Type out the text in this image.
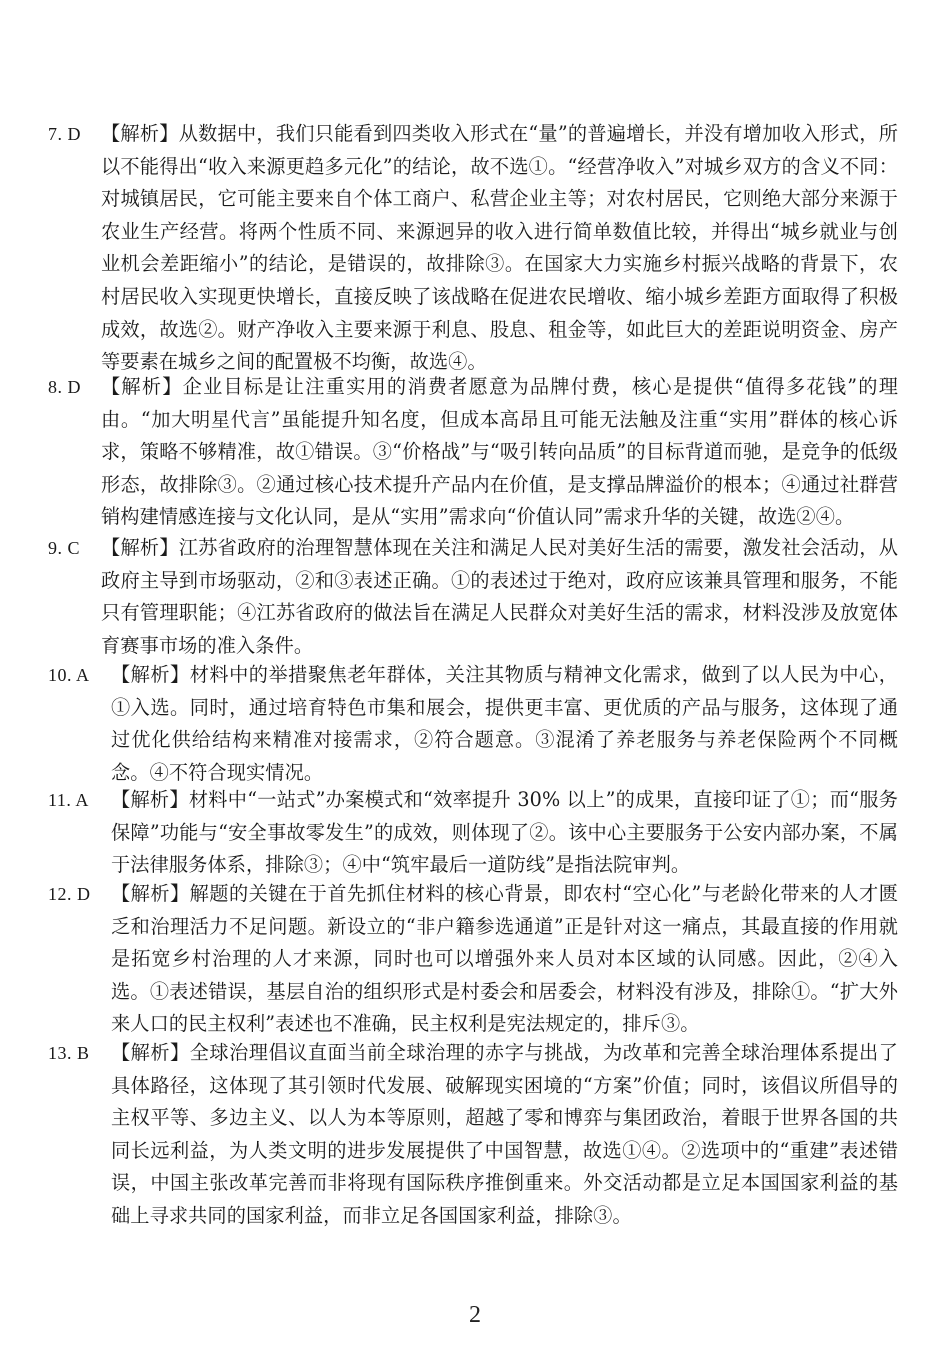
7. D 【解析】从数据中，我们只能看到四类收入形式在“量”的普遍增长，并没有增加收入形式，所以不能得出“收入来源更趋多元化”的结论，故不选①。“经营净收入”对城乡双方的含义不同：对城镇居民，它可能主要来自个体工商户、私营企业主等；对农村居民，它则绝大部分来源于农业生产经营。将两个性质不同、来源迥异的收入进行简单数值比较，并得出“城乡就业与创业机会差距缩小”的结论，是错误的，故排除③。在国家大力实施乡村振兴战略的背景下，农村居民收入实现更快增长，直接反映了该战略在促进农民增收、缩小城乡差距方面取得了积极成效，故选②。财产净收入主要来源于利息、股息、租金等，如此巨大的差距说明资金、房产等要素在城乡之间的配置极不均衡，故选④。
8. D 【解析】企业目标是让注重实用的消费者愿意为品牌付费，核心是提供“值得多花钱”的理由。“加大明星代言”虽能提升知名度，但成本高昂且可能无法触及注重“实用”群体的核心诉求，策略不够精准，故①错误。③“价格战”与“吸引转向品质”的目标背道而驰，是竞争的低级形态，故排除③。②通过核心技术提升产品内在价值，是支撑品牌溢价的根本；④通过社群营销构建情感连接与文化认同，是从“实用”需求向“价值认同”需求升华的关键，故选②④。
9. C 【解析】江苏省政府的治理智慧体现在关注和满足人民对美好生活的需要，激发社会活动，从政府主导到市场驱动，②和③表述正确。①的表述过于绝对，政府应该兼具管理和服务，不能只有管理职能；④江苏省政府的做法旨在满足人民群众对美好生活的需求，材料没涉及放宽体育赛事市场的准入条件。
10. A 【解析】材料中的举措聚焦老年群体，关注其物质与精神文化需求，做到了以人民为中心，①入选。同时，通过培育特色市集和展会，提供更丰富、更优质的产品与服务，这体现了通过优化供给结构来精准对接需求，②符合题意。③混淆了养老服务与养老保险两个不同概念。④不符合现实情况。
11. A 【解析】材料中“一站式”办案模式和“效率提升 30% 以上”的成果，直接印证了①；而“服务保障”功能与“安全事故零发生”的成效，则体现了②。该中心主要服务于公安内部办案，不属于法律服务体系，排除③；④中“筑牢最后一道防线”是指法院审判。
12. D 【解析】解题的关键在于首先抓住材料的核心背景，即农村“空心化”与老龄化带来的人才匮乏和治理活力不足问题。新设立的“非户籍参选通道”正是针对这一痛点，其最直接的作用就是拓宽乡村治理的人才来源，同时也可以增强外来人员对本区域的认同感。因此，②④入选。①表述错误，基层自治的组织形式是村委会和居委会，材料没有涉及，排除①。“扩大外来人口的民主权利”表述也不准确，民主权利是宪法规定的，排斥③。
13. B 【解析】全球治理倡议直面当前全球治理的赤字与挑战，为改革和完善全球治理体系提出了具体路径，这体现了其引领时代发展、破解现实困境的“方案”价值；同时，该倡议所倡导的主权平等、多边主义、以人为本等原则，超越了零和博弈与集团政治，着眼于世界各国的共同长远利益，为人类文明的进步发展提供了中国智慧，故选①④。②选项中的“重建”表述错误，中国主张改革完善而非将现有国际秩序推倒重来。外交活动都是立足本国国家利益的基础上寻求共同的国家利益，而非立足各国国家利益，排除③。
2
